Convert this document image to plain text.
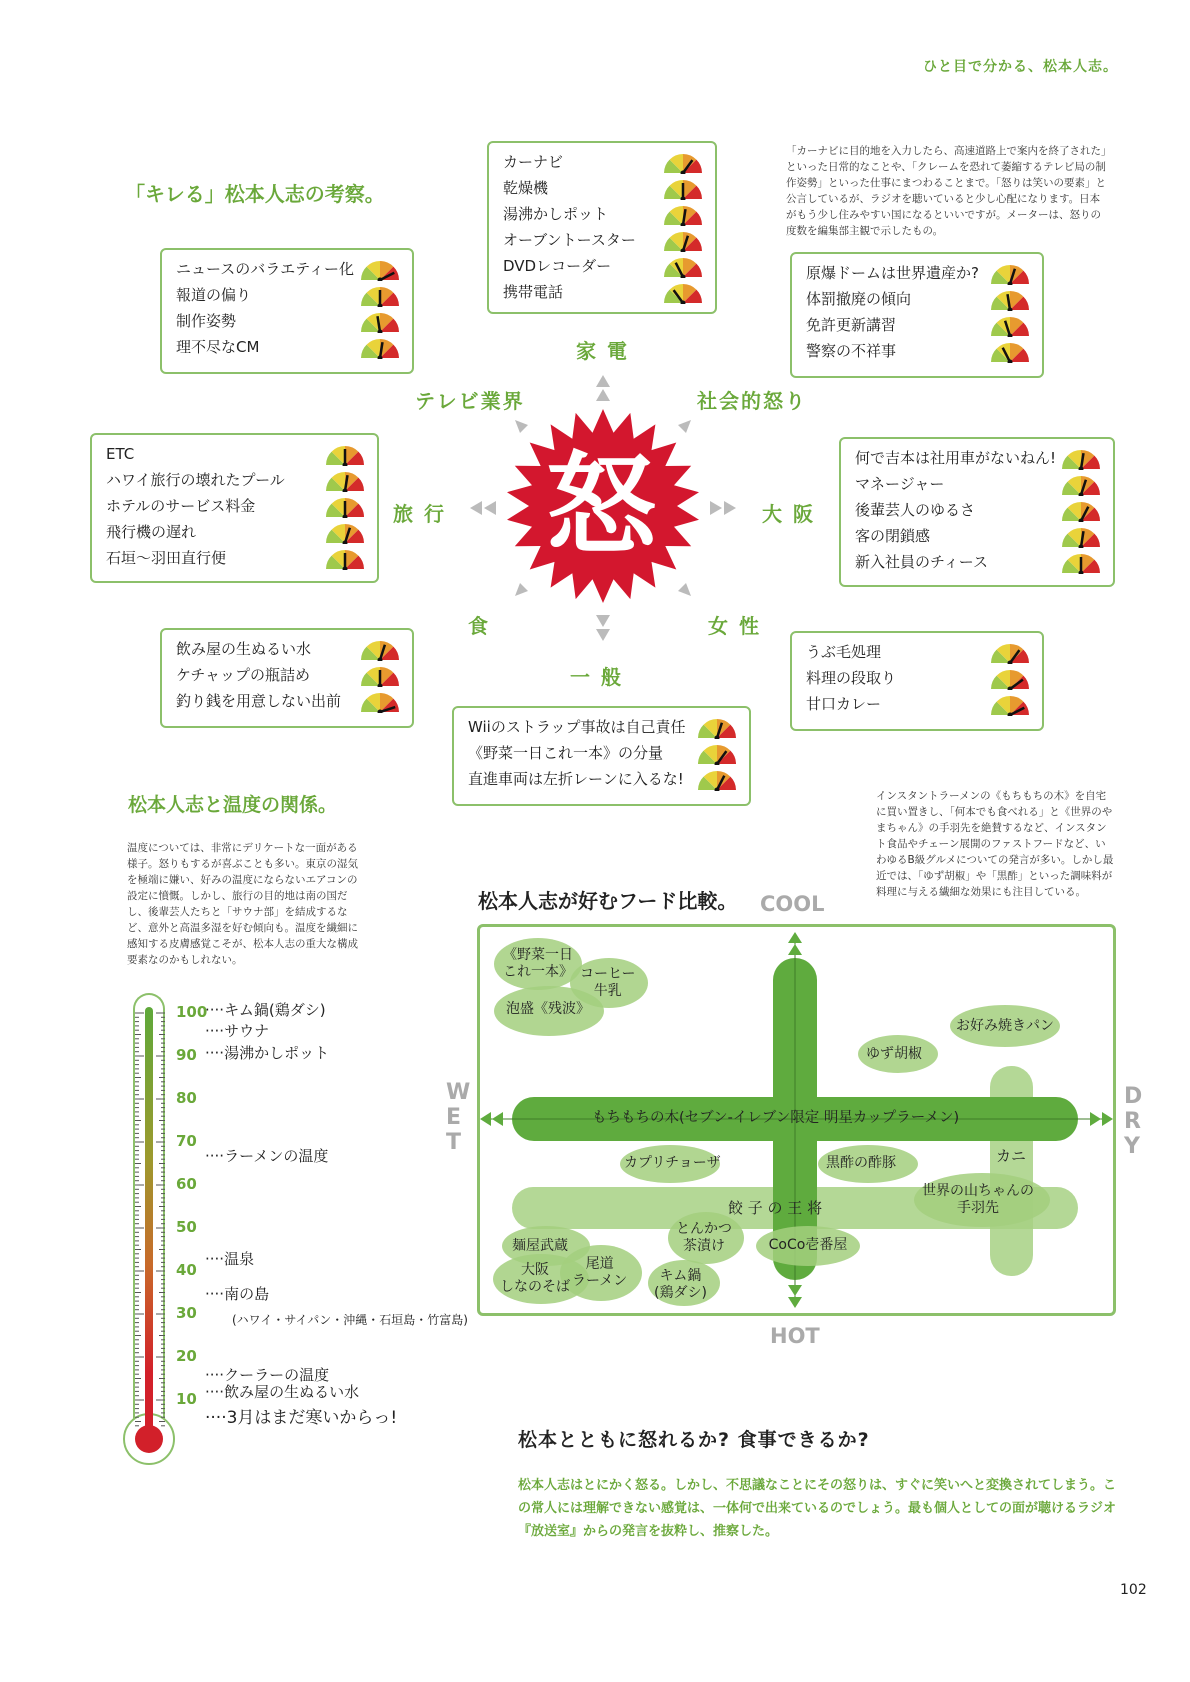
ひと目で分かる、松本人志。
「キレる」松本人志の考察。
「カーナビに目的地を入力したら、高速道路上で案内を終了された」といった日常的なことや、「クレームを恐れて萎縮するテレビ局の制作姿勢」といった仕事にまつわることまで。「怒りは笑いの要素」と公言しているが、ラジオを聴いていると少し心配になります。日本がもう少し住みやすい国になるといいですが。メーターは、怒りの度数を編集部主観で示したもの。
怒
家 電
テレビ業界	社会的怒り
旅 行	大 阪
食	女 性
一 般
カーナビ
乾燥機
湯沸かしポット
オーブントースター
DVDレコーダー
携帯電話
ニュースのバラエティー化
報道の偏り
制作姿勢
理不尽なCM
原爆ドームは世界遺産か?
体罰撤廃の傾向
免許更新講習
警察の不祥事
ETC
ハワイ旅行の壊れたプール
ホテルのサービス料金
飛行機の遅れ
石垣〜羽田直行便
何で吉本は社用車がないねん!
マネージャー
後輩芸人のゆるさ
客の閉鎖感
新入社員のチィース
飲み屋の生ぬるい水
ケチャップの瓶詰め
釣り銭を用意しない出前
うぶ毛処理
料理の段取り
甘口カレー
Wiiのストラップ事故は自己責任
《野菜一日これ一本》の分量
直進車両は左折レーンに入るな!
松本人志と温度の関係。
温度については、非常にデリケートな一面がある様子。怒りもするが喜ぶことも多い。東京の湿気を極端に嫌い、好みの温度にならないエアコンの設定に憤慨。しかし、旅行の目的地は南の国だし、後輩芸人たちと「サウナ部」を結成するなど、意外と高温多湿を好む傾向も。温度を繊細に感知する皮膚感覚こそが、松本人志の重大な構成要素なのかもしれない。
100
90
80
70
60
50
40
30
20
10
····キム鍋(鶏ダシ)
····サウナ
····湯沸かしポット
····ラーメンの温度
····温泉
····南の島
····クーラーの温度
····飲み屋の生ぬるい水
····3月はまだ寒いからっ!
(ハワイ・サイパン・沖縄・石垣島・竹富島)
インスタントラーメンの《もちもちの木》を自宅に買い置きし、「何本でも食べれる」と《世界のやまちゃん》の手羽先を絶賛するなど、インスタント食品やチェーン展開のファストフードなど、いわゆるB級グルメについての発言が多い。しかし最近では、「ゆず胡椒」や「黒酢」といった調味料が料理に与える繊細な効果にも注目している。
松本人志が好むフード比較。 COOL
HOT
WET
DRY
もちもちの木(セブン-イレブン限定 明星カップラーメン)
餃 子 の 王 将
カニ
《野菜一日
これ一本》 コーヒー
牛乳
泡盛《残波》
お好み焼きパン
ゆず胡椒
カプリチョーザ	黒酢の酢豚
世界の山ちゃんの
手羽先
とんかつ
茶漬け	CoCo壱番屋
麺屋武蔵
大阪
しなのそば
尾道
ラーメン	キム鍋
(鶏ダシ)
松本とともに怒れるか? 食事できるか?
松本人志はとにかく怒る。しかし、不思議なことにその怒りは、すぐに笑いへと変換されてしまう。この常人には理解できない感覚は、一体何で出来ているのでしょう。最も個人としての面が聴けるラジオ『放送室』からの発言を抜粋し、推察した。
102
